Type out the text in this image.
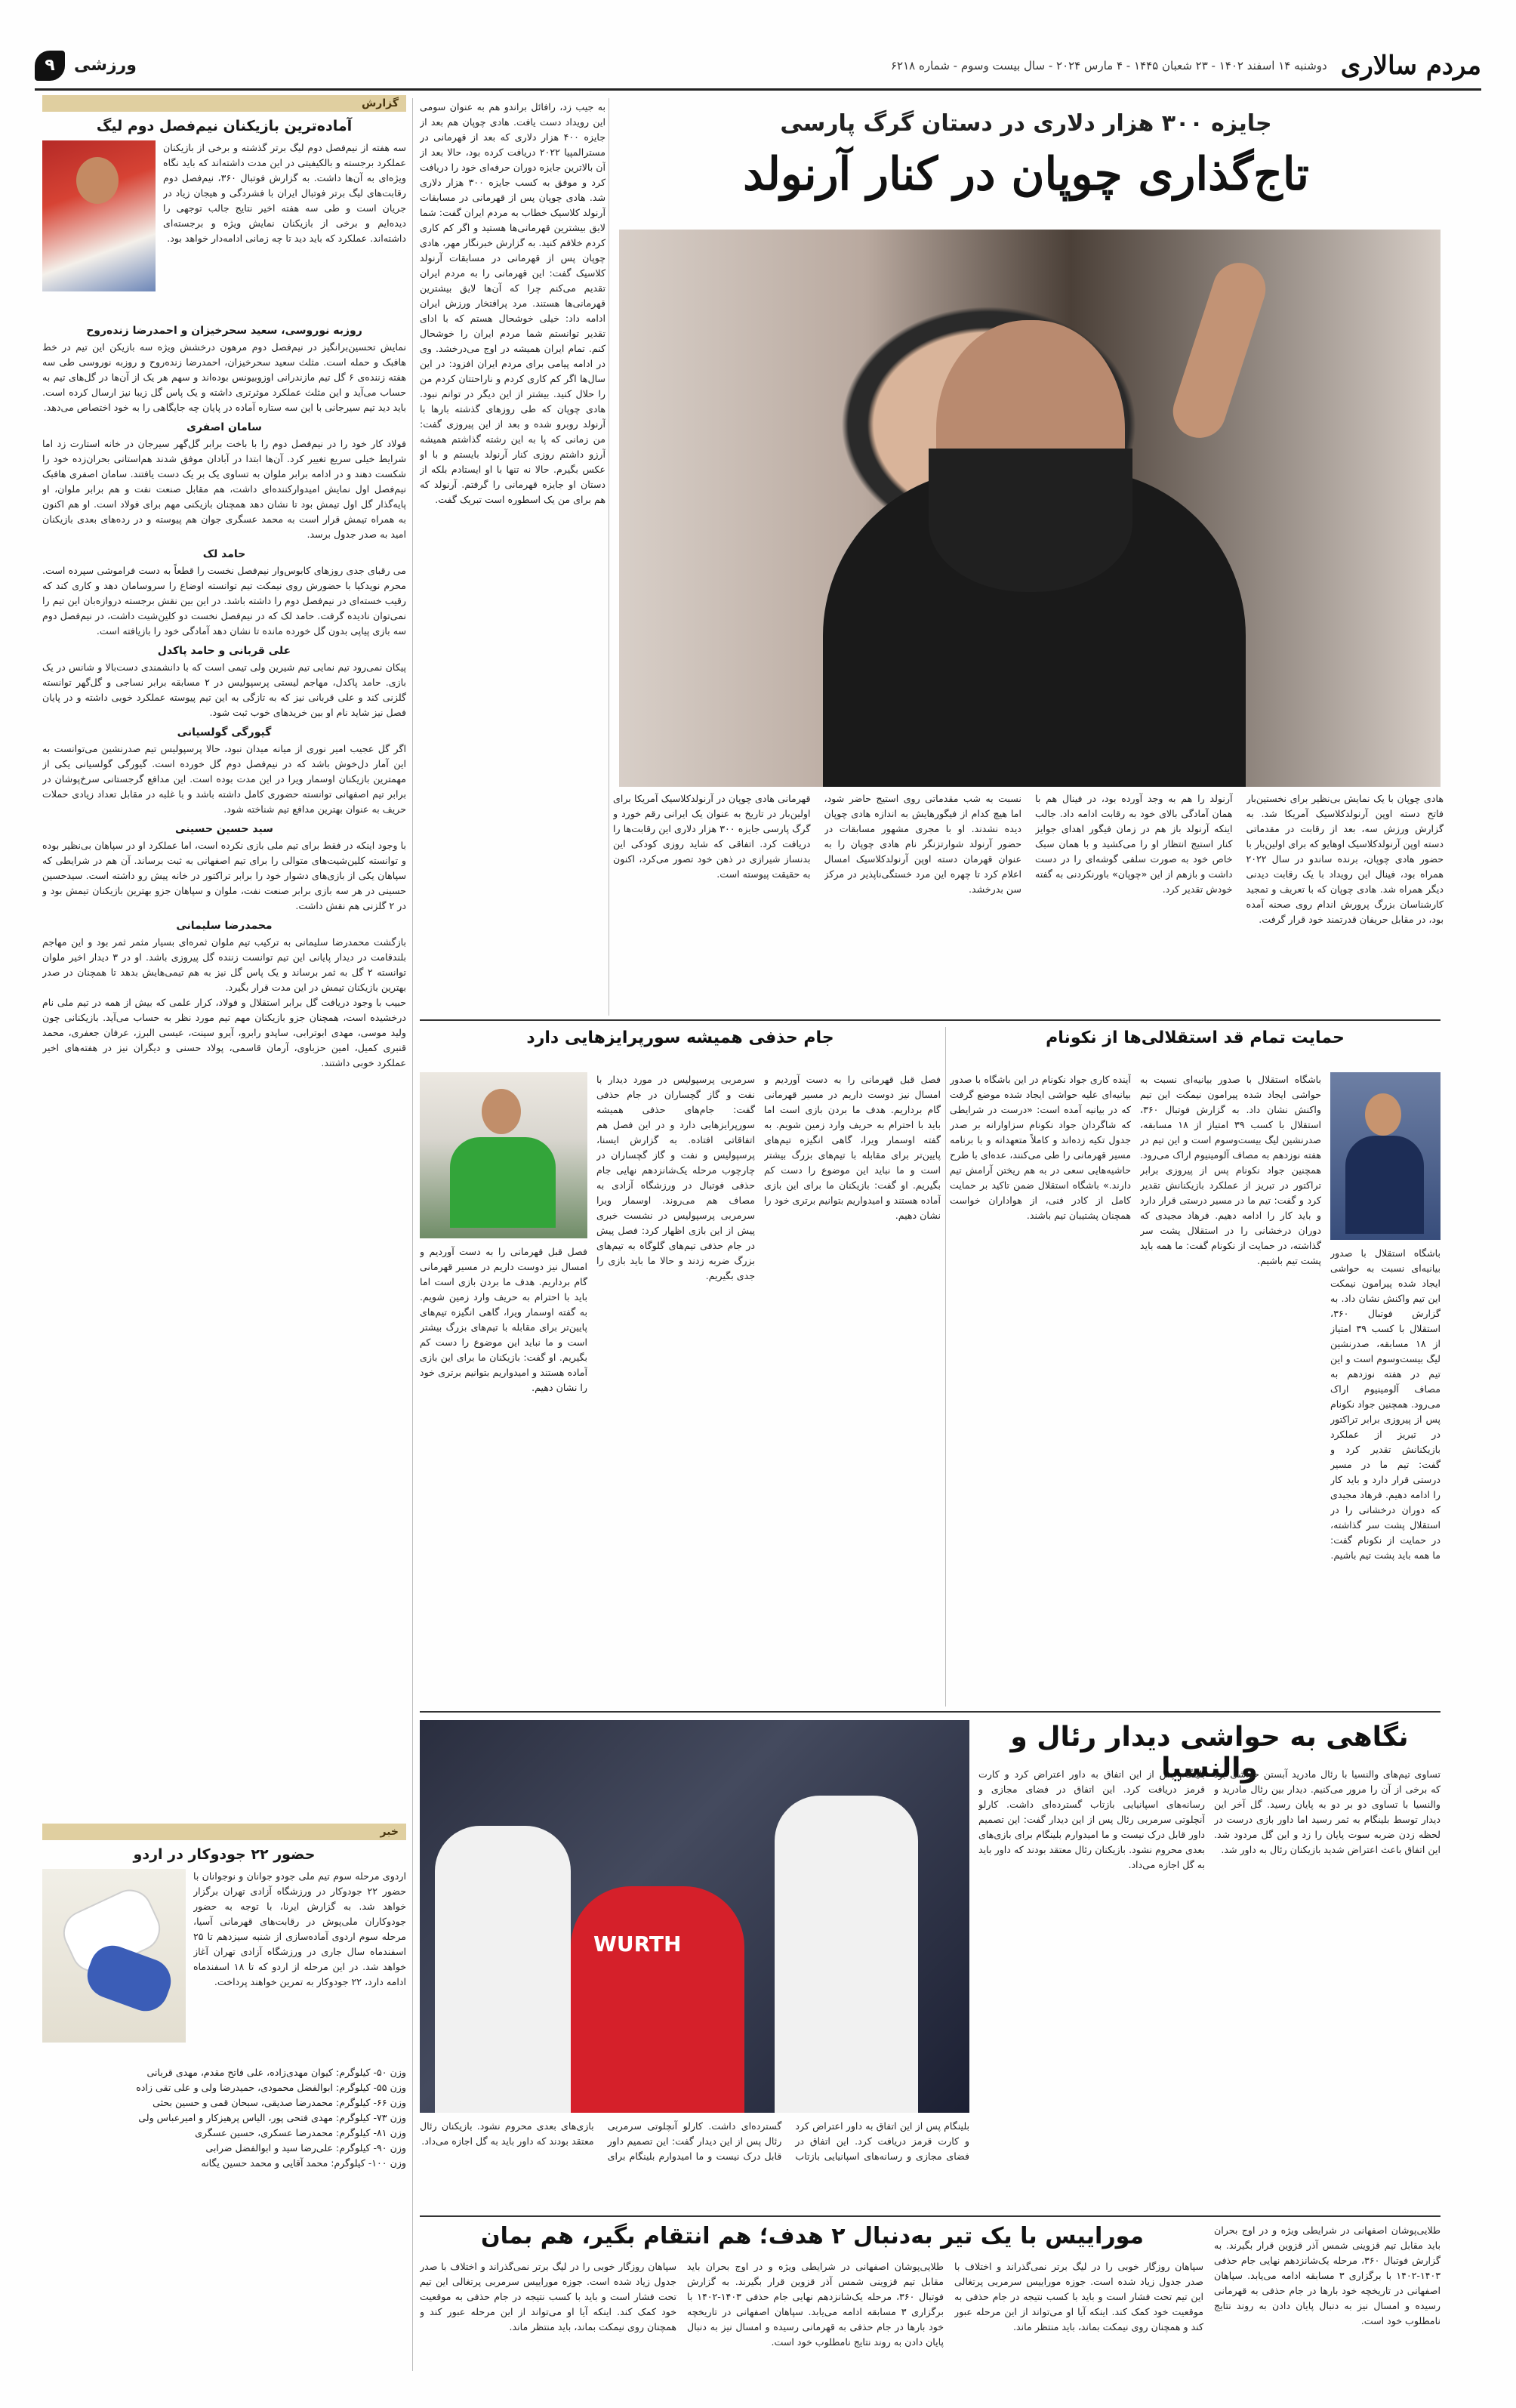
مردم سالاری
دوشنبه ۱۴ اسفند ۱۴۰۲ - ۲۳ شعبان ۱۴۴۵ - ۴ مارس ۲۰۲۴ - سال بیست وسوم - شماره ۶۲۱۸
ورزشی
۹
گزارش
آماده‌ترین بازیکنان نیم‌فصل دوم لیگ
سه هفته از نیم‌فصل دوم لیگ برتر گذشته و برخی از بازیکنان عملکرد برجسته و بالکیفیتی در این مدت داشته‌اند که باید نگاه ویژه‌ای به آن‌ها داشت. به گزارش فوتبال ۳۶۰، نیم‌فصل دوم رقابت‌های لیگ برتر فوتبال ایران با فشردگی و هیجان زیاد در جریان است و طی سه هفته اخیر نتایج جالب توجهی را دیده‌ایم و برخی از بازیکنان نمایش ویژه و برجسته‌ای داشته‌اند. عملکرد که باید دید تا چه زمانی ادامه‌دار خواهد بود.
روزبه نوروسی، سعید سحرخیزان و احمدرضا زنده‌روح
نمایش تحسین‌برانگیز در نیم‌فصل دوم مرهون درخشش ویژه سه بازیکن این تیم در خط هافبک و حمله است. مثلث سعید سحرخیزان، احمدرضا زنده‌روح و روزبه نوروسی طی سه هفته زننده‌ی ۶ گل تیم مازندرانی اوزوبیونس بوده‌اند و سهم هر یک از آن‌ها در گل‌های تیم به حساب می‌آید و این مثلث عملکرد موثرتری داشته و یک پاس گل زیبا نیز ارسال کرده است. باید دید تیم سیرجانی با این سه ستاره آماده در پایان چه جایگاهی را به خود اختصاص می‌دهد.
سامان اصفری
فولاد کار خود را در نیم‌فصل دوم را با باخت برابر گل‌گهر سیرجان در خانه استارت زد اما شرایط خیلی سریع تغییر کرد. آن‌ها ابتدا در آبادان موفق شدند هم‌استانی بحران‌زده خود را شکست دهند و در ادامه برابر ملوان به تساوی یک بر یک دست یافتند. سامان اصفری هافبک نیم‌فصل اول نمایش امیدوارکننده‌ای داشت، هم مقابل صنعت نفت و هم برابر ملوان، او پایه‌گذار گل اول تیمش بود تا نشان دهد همچنان بازیکنی مهم برای فولاد است. او هم اکنون به همراه تیمش قرار است به محمد عسگری جوان هم پیوسته و در رده‌های بعدی بازیکنان امید به صدر جدول برسد.
حامد لک
می رقبای جدی روزهای کابوس‌وار نیم‌فصل نخست را قطعاً به دست فراموشی سپرده است. محرم نویدکیا با حضورش روی نیمکت تیم توانسته اوضاع را سروسامان دهد و کاری کند که رقیب خسته‌ای در نیم‌فصل دوم را داشته باشد. در این بین نقش برجسته دروازه‌بان این تیم را نمی‌توان نادیده گرفت. حامد لک که در نیم‌فصل نخست دو کلین‌شیت داشت، در نیم‌فصل دوم سه بازی پیاپی بدون گل خورده مانده تا نشان دهد آمادگی خود را بازیافته است.
علی قربانی و حامد پاکدل
پیکان نمی‌رود تیم نمایی تیم شیرین ولی تیمی است که با دانشمندی دست‌بالا و شانس در یک بازی. حامد پاکدل، مهاجم لیستی پرسپولیس در ۲ مسابقه برابر نساجی و گل‌گهر توانسته گلزنی کند و علی قربانی نیز که به تازگی به این تیم پیوسته عملکرد خوبی داشته و در پایان فصل نیز شاید نام او بین خریدهای خوب ثبت شود.
گیورگی گولسیانی
اگر گل عجیب امیر نوری از میانه میدان نبود، حالا پرسپولیس تیم صدرنشین می‌توانست به این آمار دل‌خوش باشد که در نیم‌فصل دوم گل خورده است. گیورگی گولسیانی یکی از مهمترین بازیکنان اوسمار ویرا در این مدت بوده است. این مدافع گرجستانی سرخ‌پوشان در برابر تیم اصفهانی توانسته حضوری کامل داشته باشد و با غلبه در مقابل تعداد زیادی حملات حریف به عنوان بهترین مدافع تیم شناخته شود.
سید حسین حسینی
با وجود اینکه در فقط برای تیم ملی بازی نکرده است، اما عملکرد او در سپاهان بی‌نظیر بوده و توانسته کلین‌شیت‌های متوالی را برای تیم اصفهانی به ثبت برساند. آن هم در شرایطی که سپاهان یکی از بازی‌های دشوار خود را برابر تراکتور در خانه پیش رو داشته است. سیدحسین حسینی در هر سه بازی برابر صنعت نفت، ملوان و سپاهان جزو بهترین بازیکنان تیمش بود و در ۲ گلزنی هم نقش داشت.
محمدرضا سلیمانی
بازگشت محمدرضا سلیمانی به ترکیب تیم ملوان ثمره‌ای بسیار مثمر ثمر بود و این مهاجم بلندقامت در دیدار پایانی این تیم توانست زننده گل پیروزی باشد. او در ۳ دیدار اخیر ملوان توانسته ۲ گل به ثمر برساند و یک پاس گل نیز به هم تیمی‌هایش بدهد تا همچنان در صدر بهترین بازیکنان تیمش در این مدت قرار بگیرد.
حبیب با وجود دریافت گل برابر استقلال و فولاد، کرار علمی که بیش از همه در تیم ملی نام درخشیده است، همچنان جزو بازیکنان مهم تیم مورد نظر به حساب می‌آید. بازیکنانی چون ولید موسی، مهدی ابوترابی، ساپدو رابرو، آیرو سینت، عیسی البرز، عرفان جعفری، محمد قنبری کمیل، امین حزباوی، آرمان قاسمی، پولاد حسنی و دیگران نیز در هفته‌های اخیر عملکرد خوبی داشتند.
خبر
حضور ۲۲ جودوکار در اردو
اردوی مرحله سوم تیم ملی جودو جوانان و نوجوانان با حضور ۲۲ جودوکار در ورزشگاه آزادی تهران برگزار خواهد شد. به گزارش ایرنا، با توجه به حضور جودوکاران ملی‌پوش در رقابت‌های قهرمانی آسیا، مرحله سوم اردوی آماده‌سازی از شنبه سیزدهم تا ۲۵ اسفندماه سال جاری در ورزشگاه آزادی تهران آغاز خواهد شد. در این مرحله از اردو که تا ۱۸ اسفندماه ادامه دارد، ۲۲ جودوکار به تمرین خواهند پرداخت.
وزن ۵۰- کیلوگرم: کیوان مهدی‌زاده، علی فاتح مقدم، مهدی قربانی
وزن ۵۵- کیلوگرم: ابوالفضل محمودی، حمیدرضا ولی و علی تقی زاده
وزن ۶۶- کیلوگرم: محمدرضا صدیقی، سبحان قمی و حسین بحثی
وزن ۷۳- کیلوگرم: مهدی فتحی پور، الیاس پرهیزکار و امیرعباس ولی
وزن ۸۱- کیلوگرم: محمدرضا عسکری، حسین عسگری
وزن ۹۰- کیلوگرم: علی‌رضا سید و ابوالفضل ضرابی
وزن ۱۰۰- کیلوگرم: محمد آقایی و محمد حسین یگانه
به جیب زد، رافائل براندو هم به عنوان سومی این رویداد دست یافت. هادی چوپان هم بعد از جایزه ۴۰۰ هزار دلاری که بعد از قهرمانی در مسترالمپیا ۲۰۲۲ دریافت کرده بود، حالا بعد از آن بالاترین جایزه دوران حرفه‌ای خود را دریافت کرد و موفق به کسب جایزه ۳۰۰ هزار دلاری شد. هادی چوپان پس از قهرمانی در مسابقات آرنولد کلاسیک خطاب به مردم ایران گفت: شما لایق بیشترین قهرمانی‌ها هستید و اگر کم کاری کردم خلافم کنید. به گزارش خبرنگار مهر، هادی چوپان پس از قهرمانی در مسابقات آرنولد کلاسیک گفت: این قهرمانی را به مردم ایران تقدیم می‌کنم چرا که آن‌ها لایق بیشترین قهرمانی‌ها هستند. مرد پرافتخار ورزش ایران ادامه داد: خیلی خوشحال هستم که با ادای تقدیر توانستم شما مردم ایران را خوشحال کنم. تمام ایران همیشه در اوج می‌درخشد. وی در ادامه پیامی برای مردم ایران افزود: در این سال‌ها اگر کم کاری کردم و ناراحتتان کردم من را حلال کنید. بیشتر از این دیگر در توانم نبود. هادی چوپان که طی روزهای گذشته بارها با آرنولد روبرو شده و بعد از این پیروزی گفت: من زمانی که پا به این رشته گذاشتم همیشه آرزو داشتم روزی کنار آرنولد بایستم و با او عکس بگیرم. حالا نه تنها با او ایستادم بلکه از دستان او جایزه قهرمانی را گرفتم. آرنولد که هم برای من یک اسطوره است تبریک گفت.
جایزه ۳۰۰ هزار دلاری در دستان گرگ پارسی
تاج‌گذاری چوپان در کنار آرنولد
هادی چوپان با یک نمایش بی‌نظیر برای نخستین‌بار فاتح دسته اوپن آرنولدکلاسیک آمریکا شد. به گزارش ورزش سه، بعد از رقابت در مقدماتی دسته اوپن آرنولدکلاسیک اوهایو که برای اولین‌بار با حضور هادی چوپان، برنده ساندو در سال ۲۰۲۲ همراه بود، فینال این رویداد با یک رقابت دیدنی دیگر همراه شد. هادی چوپان که با تعریف و تمجید کارشناسان بزرگ پرورش اندام روی صحنه آمده بود، در مقابل حریفان قدرتمند خود قرار گرفت.
آرنولد را هم به وجد آورده بود، در فینال هم با همان آمادگی بالای خود به رقابت ادامه داد. جالب اینکه آرنولد باز هم در زمان فیگور اهدای جوایز کنار استیج انتظار او را می‌کشید و با همان سبک خاص خود به صورت سلفی گوشه‌ای را در دست داشت و بازهم از این «چوپان» باورنکردنی به گفته خودش تقدیر کرد.
نسبت به شب مقدماتی روی استیج حاضر شود، اما هیچ کدام از فیگورهایش به اندازه هادی چوپان دیده نشدند. او با مجری مشهور مسابقات در حضور آرنولد شوارتزنگر نام هادی چوپان را به عنوان قهرمان دسته اوپن آرنولدکلاسیک امسال اعلام کرد تا چهره این مرد خستگی‌ناپذیر در مرکز سن بدرخشد.
قهرمانی هادی چوپان در آرنولدکلاسیک آمریکا برای اولین‌بار در تاریخ به عنوان یک ایرانی رقم خورد و گرگ پارسی جایزه ۳۰۰ هزار دلاری این رقابت‌ها را دریافت کرد. اتفاقی که شاید روزی کودکی این بدنساز شیرازی در ذهن خود تصور می‌کرد، اکنون به حقیقت پیوسته است.
جام حذفی همیشه سورپرایزهایی دارد
فصل قبل قهرمانی را به دست آوردیم و امسال نیز دوست داریم در مسیر قهرمانی گام برداریم. هدف ما بردن بازی است اما باید با احترام به حریف وارد زمین شویم. به گفته اوسمار ویرا، گاهی انگیزه تیم‌های پایین‌تر برای مقابله با تیم‌های بزرگ بیشتر است و ما نباید این موضوع را دست کم بگیریم. او گفت: بازیکنان ما برای این بازی آماده هستند و امیدواریم بتوانیم برتری خود را نشان دهیم.
سرمربی پرسپولیس در مورد دیدار با نفت و گاز گچساران در جام حذفی گفت: جام‌های حذفی همیشه سورپرایزهایی دارد و در این فصل هم اتفاقاتی افتاده. به گزارش ایسنا، پرسپولیس و نفت و گاز گچساران در چارچوب مرحله یک‌شانزدهم نهایی جام حذفی فوتبال در ورزشگاه آزادی به مصاف هم می‌روند. اوسمار ویرا سرمربی پرسپولیس در نشست خبری پیش از این بازی اظهار کرد: فصل پیش در جام حذفی تیم‌های گلوگاه به تیم‌های بزرگ ضربه زدند و حالا ما باید بازی را جدی بگیریم.
فصل قبل قهرمانی را به دست آوردیم و امسال نیز دوست داریم در مسیر قهرمانی گام برداریم. هدف ما بردن بازی است اما باید با احترام به حریف وارد زمین شویم. به گفته اوسمار ویرا، گاهی انگیزه تیم‌های پایین‌تر برای مقابله با تیم‌های بزرگ بیشتر است و ما نباید این موضوع را دست کم بگیریم. او گفت: بازیکنان ما برای این بازی آماده هستند و امیدواریم بتوانیم برتری خود را نشان دهیم.
حمایت تمام قد استقلالی‌ها از نکونام
آینده کاری جواد نکونام در این باشگاه با صدور بیانیه‌ای علیه حواشی ایجاد شده موضع گرفت که در بیانیه آمده است: «درست در شرایطی که شاگردان جواد نکونام سزاوارانه بر صدر جدول تکیه زده‌اند و کاملاً متعهدانه و با برنامه مسیر قهرمانی را طی می‌کنند، عده‌ای با طرح حاشیه‌هایی سعی در به هم ریختن آرامش تیم دارند.» باشگاه استقلال ضمن تاکید بر حمایت کامل از کادر فنی، از هواداران خواست همچنان پشتیبان تیم باشند.
باشگاه استقلال با صدور بیانیه‌ای نسبت به حواشی ایجاد شده پیرامون نیمکت این تیم واکنش نشان داد. به گزارش فوتبال ۳۶۰، استقلال با کسب ۳۹ امتیاز از ۱۸ مسابقه، صدرنشین لیگ بیست‌وسوم است و این تیم در هفته نوزدهم به مصاف آلومینیوم اراک می‌رود. همچنین جواد نکونام پس از پیروزی برابر تراکتور در تبریز از عملکرد بازیکنانش تقدیر کرد و گفت: تیم ما در مسیر درستی قرار دارد و باید کار را ادامه دهیم. فرهاد مجیدی که دوران درخشانی را در استقلال پشت سر گذاشته، در حمایت از نکونام گفت: ما همه باید پشت تیم باشیم.
باشگاه استقلال با صدور بیانیه‌ای نسبت به حواشی ایجاد شده پیرامون نیمکت این تیم واکنش نشان داد. به گزارش فوتبال ۳۶۰، استقلال با کسب ۳۹ امتیاز از ۱۸ مسابقه، صدرنشین لیگ بیست‌وسوم است و این تیم در هفته نوزدهم به مصاف آلومینیوم اراک می‌رود. همچنین جواد نکونام پس از پیروزی برابر تراکتور در تبریز از عملکرد بازیکنانش تقدیر کرد و گفت: تیم ما در مسیر درستی قرار دارد و باید کار را ادامه دهیم. فرهاد مجیدی که دوران درخشانی را در استقلال پشت سر گذاشته، در حمایت از نکونام گفت: ما همه باید پشت تیم باشیم.
WURTH
بلینگام پس از این اتفاق به داور اعتراض کرد و کارت قرمز دریافت کرد. این اتفاق در فضای مجازی و رسانه‌های اسپانیایی بازتاب گسترده‌ای داشت. کارلو آنچلوتی سرمربی رئال پس از این دیدار گفت: این تصمیم داور قابل درک نیست و ما امیدوارم بلینگام برای بازی‌های بعدی محروم نشود. بازیکنان رئال معتقد بودند که داور باید به گل اجازه می‌داد.
نگاهی به حواشی دیدار رئال و والنسیا
بلینگام پس از این اتفاق به داور اعتراض کرد و کارت قرمز دریافت کرد. این اتفاق در فضای مجازی و رسانه‌های اسپانیایی بازتاب گسترده‌ای داشت. کارلو آنچلوتی سرمربی رئال پس از این دیدار گفت: این تصمیم داور قابل درک نیست و ما امیدوارم بلینگام برای بازی‌های بعدی محروم نشود. بازیکنان رئال معتقد بودند که داور باید به گل اجازه می‌داد.
تساوی تیم‌های والنسیا با رئال مادرید آبستن حواشی بود که برخی از آن را مرور می‌کنیم. دیدار بین رئال مادرید و والنسیا با تساوی دو بر دو به پایان رسید. گل آخر این دیدار توسط بلینگام به ثمر رسید اما داور بازی درست در لحظه زدن ضربه سوت پایان را زد و این گل مردود شد. این اتفاق باعث اعتراض شدید بازیکنان رئال به داور شد.
موراییس با یک تیر به‌دنبال ۲ هدف؛ هم انتقام بگیر، هم بمان
سپاهان روزگار خوبی را در لیگ برتر نمی‌گذراند و اختلاف با صدر جدول زیاد شده است. جوزه موراییس سرمربی پرتغالی این تیم تحت فشار است و باید با کسب نتیجه در جام حذفی به موقعیت خود کمک کند. اینکه آیا او می‌تواند از این مرحله عبور کند و همچنان روی نیمکت بماند، باید منتظر ماند.
طلایی‌پوشان اصفهانی در شرایطی ویژه و در اوج بحران باید مقابل تیم قزوینی شمس آذر قزوین قرار بگیرند. به گزارش فوتبال ۳۶۰، مرحله یک‌شانزدهم نهایی جام حذفی ۱۴۰۳-۱۴۰۲ با برگزاری ۳ مسابقه ادامه می‌یابد. سپاهان اصفهانی در تاریخچه خود بارها در جام حذفی به قهرمانی رسیده و امسال نیز به دنبال پایان دادن به روند نتایج نامطلوب خود است.
سپاهان روزگار خوبی را در لیگ برتر نمی‌گذراند و اختلاف با صدر جدول زیاد شده است. جوزه موراییس سرمربی پرتغالی این تیم تحت فشار است و باید با کسب نتیجه در جام حذفی به موقعیت خود کمک کند. اینکه آیا او می‌تواند از این مرحله عبور کند و همچنان روی نیمکت بماند، باید منتظر ماند.
طلایی‌پوشان اصفهانی در شرایطی ویژه و در اوج بحران باید مقابل تیم قزوینی شمس آذر قزوین قرار بگیرند. به گزارش فوتبال ۳۶۰، مرحله یک‌شانزدهم نهایی جام حذفی ۱۴۰۳-۱۴۰۲ با برگزاری ۳ مسابقه ادامه می‌یابد. سپاهان اصفهانی در تاریخچه خود بارها در جام حذفی به قهرمانی رسیده و امسال نیز به دنبال پایان دادن به روند نتایج نامطلوب خود است.
